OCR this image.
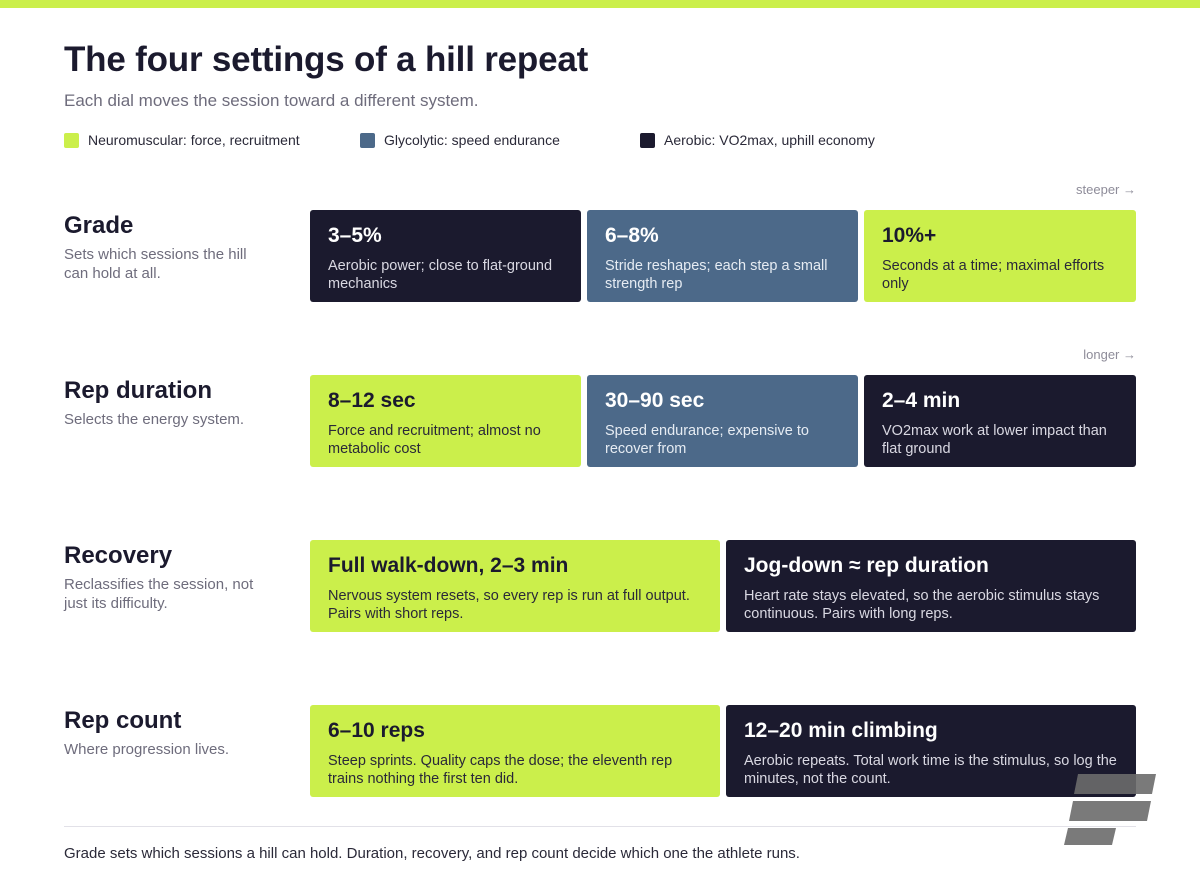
The four settings of a hill repeat
Each dial moves the session toward a different system.
Neuromuscular: force, recruitment	Glycolytic: speed endurance	Aerobic: VO2max, uphill economy
steeper →
Grade
Sets which sessions the hill can hold at all.
3–5%
Aerobic power; close to flat-ground mechanics
6–8%
Stride reshapes; each step a small strength rep
10%+
Seconds at a time; maximal efforts only
longer →
Rep duration
Selects the energy system.
8–12 sec
Force and recruitment; almost no metabolic cost
30–90 sec
Speed endurance; expensive to recover from
2–4 min
VO2max work at lower impact than flat ground
Recovery
Reclassifies the session, not just its difficulty.
Full walk-down, 2–3 min
Nervous system resets, so every rep is run at full output. Pairs with short reps.
Jog-down ≈ rep duration
Heart rate stays elevated, so the aerobic stimulus stays continuous. Pairs with long reps.
Rep count
Where progression lives.
6–10 reps
Steep sprints. Quality caps the dose; the eleventh rep trains nothing the first ten did.
12–20 min climbing
Aerobic repeats. Total work time is the stimulus, so log the minutes, not the count.
Grade sets which sessions a hill can hold. Duration, recovery, and rep count decide which one the athlete runs.
